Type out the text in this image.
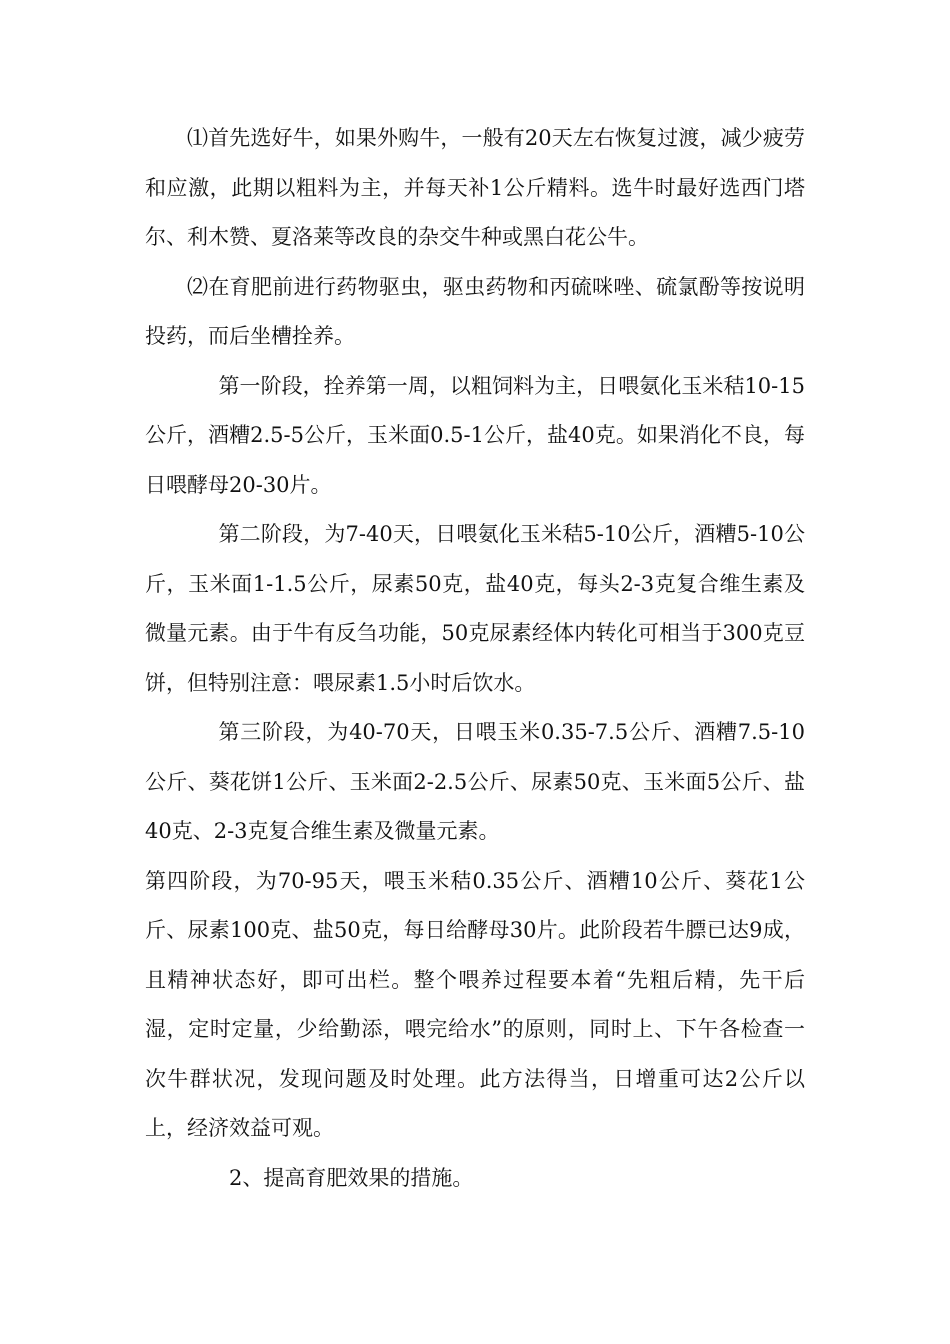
⑴首先选好牛，如果外购牛，一般有20天左右恢复过渡，减少疲劳和应激，此期以粗料为主，并每天补1公斤精料。选牛时最好选西门塔尔、利木赞、夏洛莱等改良的杂交牛种或黑白花公牛。

⑵在育肥前进行药物驱虫，驱虫药物和丙硫咪唑、硫氯酚等按说明投药，而后坐槽拴养。

第一阶段，拴养第一周，以粗饲料为主，日喂氨化玉米秸10-15公斤，酒糟2.5-5公斤，玉米面0.5-1公斤，盐40克。如果消化不良，每日喂酵母20-30片。

第二阶段，为7-40天，日喂氨化玉米秸5-10公斤，酒糟5-10公斤，玉米面1-1.5公斤，尿素50克，盐40克，每头2-3克复合维生素及微量元素。由于牛有反刍功能，50克尿素经体内转化可相当于300克豆饼，但特别注意：喂尿素1.5小时后饮水。

第三阶段，为40-70天，日喂玉米0.35-7.5公斤、酒糟7.5-10公斤、葵花饼1公斤、玉米面2-2.5公斤、尿素50克、玉米面5公斤、盐40克、2-3克复合维生素及微量元素。

第四阶段，为70-95天，喂玉米秸0.35公斤、酒糟10公斤、葵花1公斤、尿素100克、盐50克，每日给酵母30片。此阶段若牛膘已达9成，且精神状态好，即可出栏。整个喂养过程要本着“先粗后精，先干后湿，定时定量，少给勤添，喂完给水”的原则，同时上、下午各检查一次牛群状况，发现问题及时处理。此方法得当，日增重可达2公斤以上，经济效益可观。

2、提高育肥效果的措施。
